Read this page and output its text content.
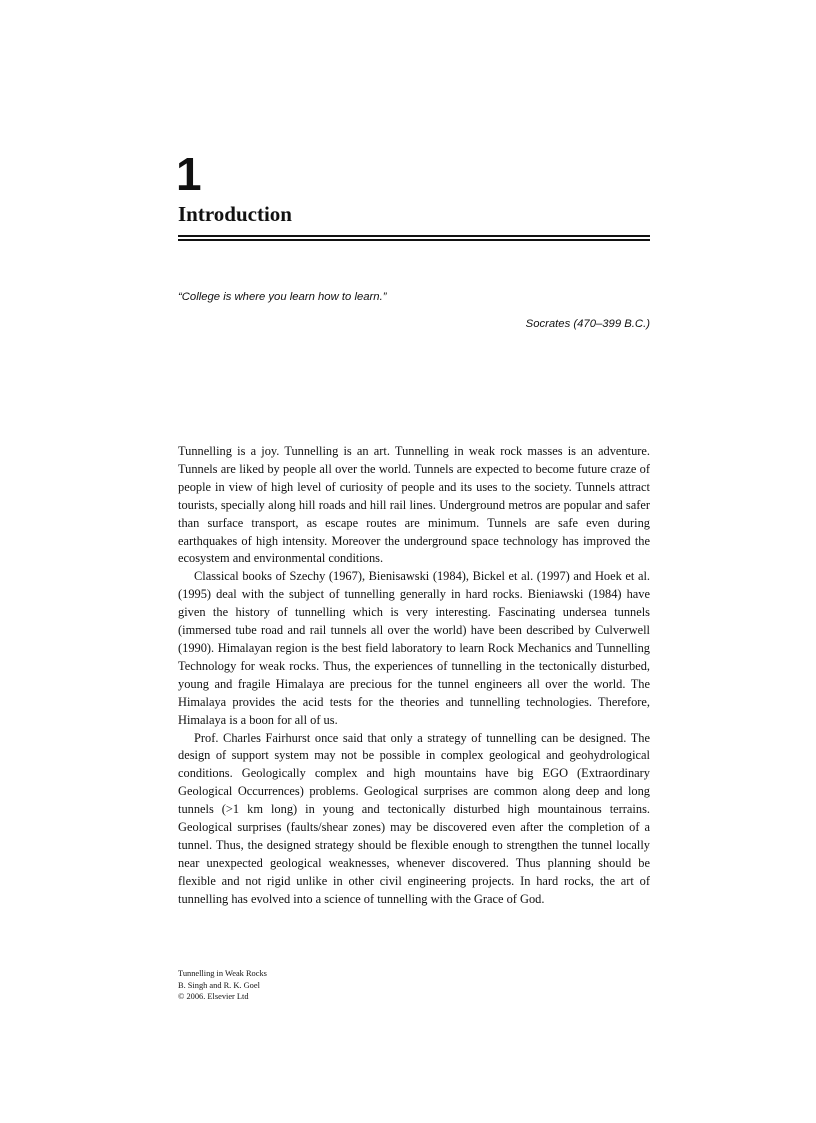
1
Introduction
“College is where you learn how to learn.”
Socrates (470–399 B.C.)

Tunnelling is a joy. Tunnelling is an art. Tunnelling in weak rock masses is an adventure. Tunnels are liked by people all over the world. Tunnels are expected to become future craze of people in view of high level of curiosity of people and its uses to the society. Tunnels attract tourists, specially along hill roads and hill rail lines. Underground metros are popular and safer than surface transport, as escape routes are minimum. Tunnels are safe even during earthquakes of high intensity. Moreover the underground space technology has improved the ecosystem and environmental conditions.

Classical books of Szechy (1967), Bienisawski (1984), Bickel et al. (1997) and Hoek et al. (1995) deal with the subject of tunnelling generally in hard rocks. Bieniawski (1984) have given the history of tunnelling which is very interesting. Fascinating undersea tunnels (immersed tube road and rail tunnels all over the world) have been described by Culverwell (1990). Himalayan region is the best field laboratory to learn Rock Mechanics and Tunnelling Technology for weak rocks. Thus, the experiences of tunnelling in the tectonically disturbed, young and fragile Himalaya are precious for the tunnel engineers all over the world. The Himalaya provides the acid tests for the theories and tunnelling technologies. Therefore, Himalaya is a boon for all of us.

Prof. Charles Fairhurst once said that only a strategy of tunnelling can be designed. The design of support system may not be possible in complex geological and geohydrological conditions. Geologically complex and high mountains have big EGO (Extraordinary Geological Occurrences) problems. Geological surprises are common along deep and long tunnels (>1 km long) in young and tectonically disturbed high mountainous terrains. Geological surprises (faults/shear zones) may be discovered even after the completion of a tunnel. Thus, the designed strategy should be flexible enough to strengthen the tunnel locally near unexpected geological weaknesses, whenever discovered. Thus planning should be flexible and not rigid unlike in other civil engineering projects. In hard rocks, the art of tunnelling has evolved into a science of tunnelling with the Grace of God.

Tunnelling in Weak Rocks
B. Singh and R. K. Goel
© 2006. Elsevier Ltd
